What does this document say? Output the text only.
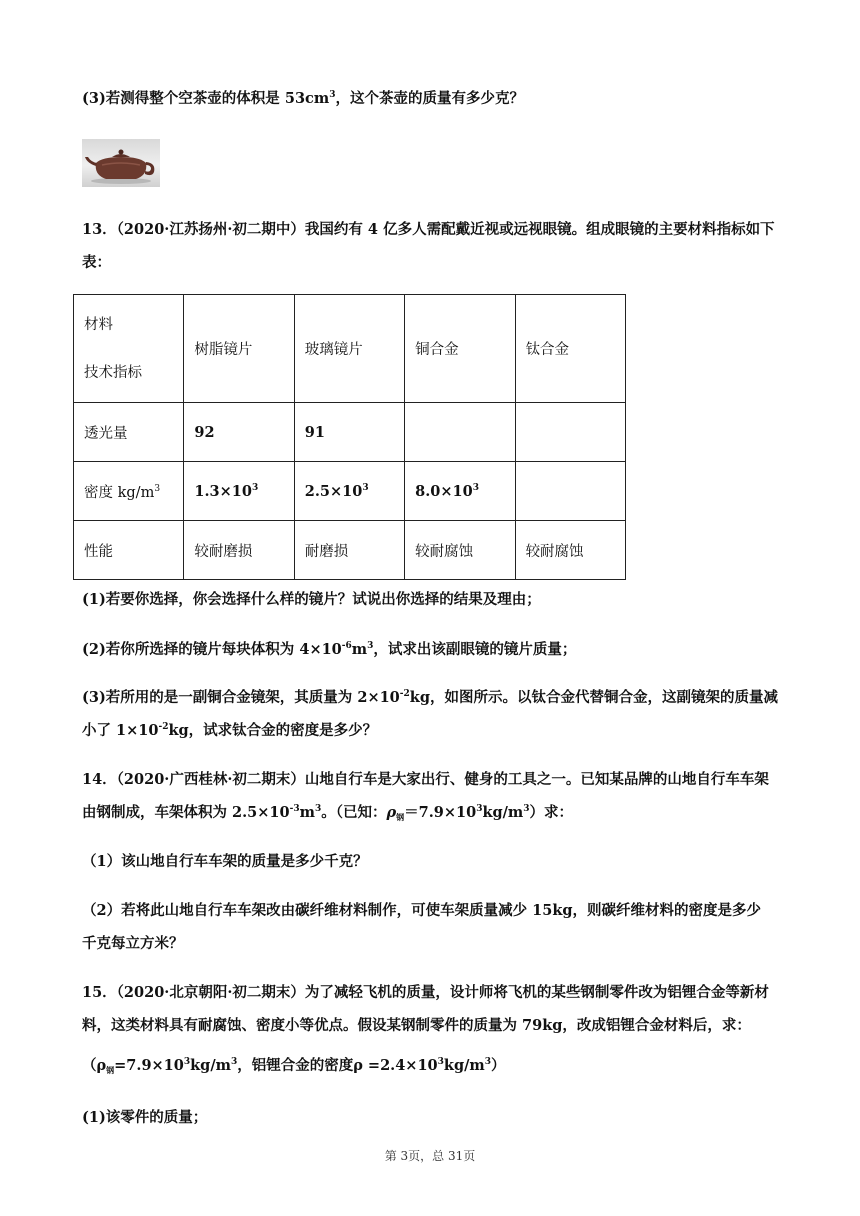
(3)若测得整个空茶壶的体积是 $53cm^3$，这个茶壶的质量有多少克？
13．（2020·江苏扬州·初二期中）我国约有 4 亿多人需配戴近视或远视眼镜。组成眼镜的主要材料指标如下
表：
材料
技术指标	树脂镜片	玻璃镜片	铜合金	钛合金
透光量	92	91		
密度 $kg/m^3$	$1.3\times 10^3$	$2.5\times 10^3$	$8.0\times 10^3$	
性能	较耐磨损	耐磨损	较耐腐蚀	较耐腐蚀
(1)若要你选择，你会选择什么样的镜片？试说出你选择的结果及理由；
(2)若你所选择的镜片每块体积为 $4\times 10^{-6}m^3$，试求出该副眼镜的镜片质量；
(3)若所用的是一副铜合金镜架，其质量为 $2\times 10^{-2}kg$，如图所示。以钛合金代替铜合金，这副镜架的质量减
小了 $1\times 10^{-2}kg$，试求钛合金的密度是多少？
14．（2020·广西桂林·初二期末）山地自行车是大家出行、健身的工具之一。已知某品牌的山地自行车车架
由钢制成，车架体积为 $2.5\times 10^{-3}m^3$。（已知：$\rho_钢=7.9\times 10^3kg/m^3$）求：
（1）该山地自行车车架的质量是多少千克？
（2）若将此山地自行车车架改由碳纤维材料制作，可使车架质量减少 15kg，则碳纤维材料的密度是多少
千克每立方米？
15．（2020·北京朝阳·初二期末）为了减轻飞机的质量，设计师将飞机的某些钢制零件改为铝锂合金等新材
料，这类材料具有耐腐蚀、密度小等优点。假设某钢制零件的质量为 79kg，改成铝锂合金材料后，求：
（$\rho_钢=7.9\times 10^3kg/m^3$，铝锂合金的密度$\rho =2.4\times 10^3kg/m^3$）
(1)该零件的质量；
第 3页，总 31页
